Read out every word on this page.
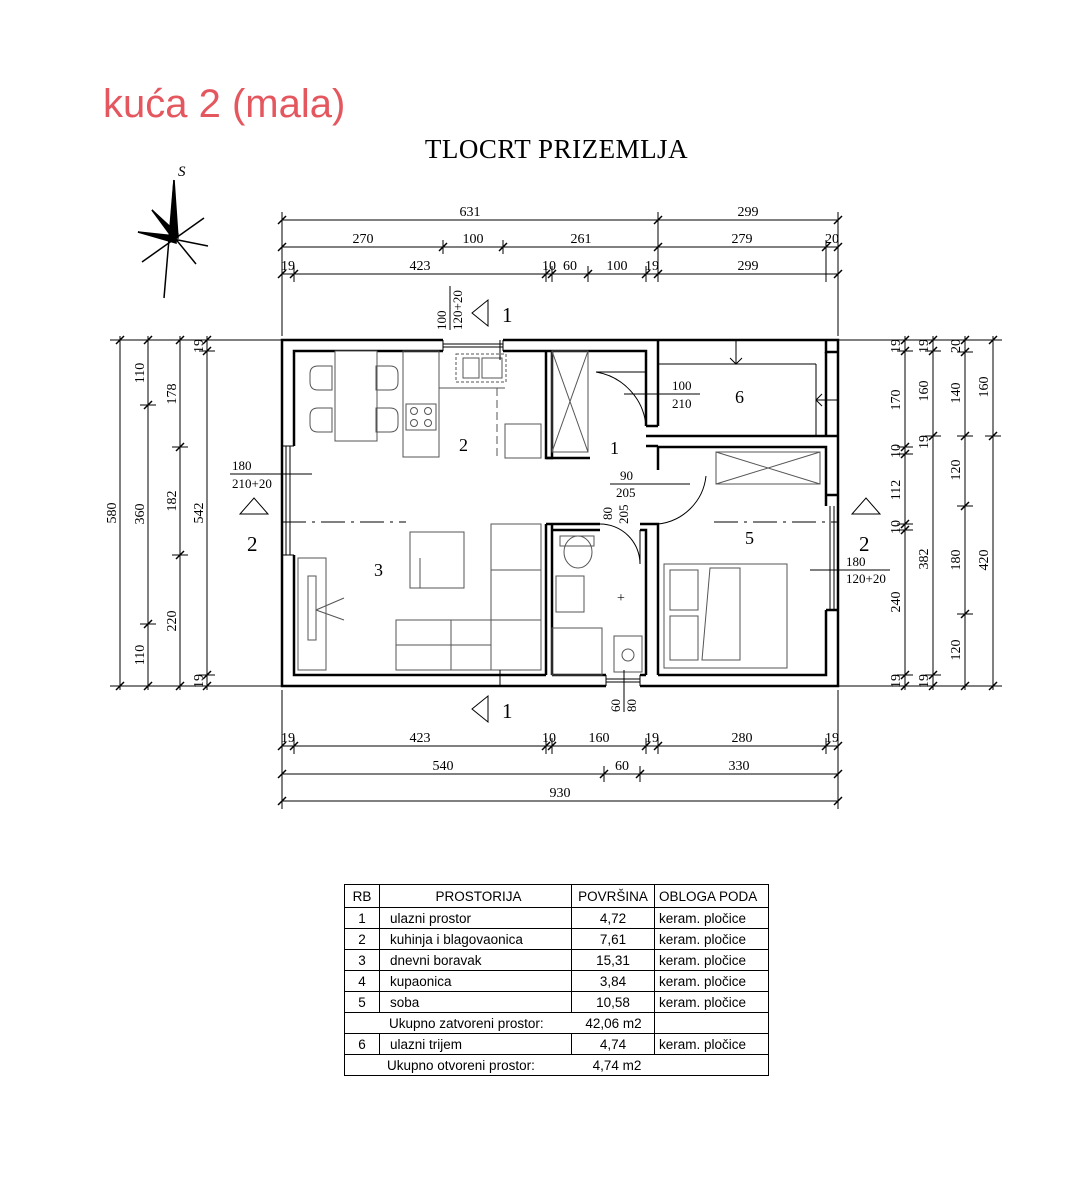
kuća 2 (mala)
TLOCRT PRIZEMLJA
S
631	299
270	100	261	279	20
19	423	10 60 100 19	299
19	423	10 160	19	280	19
540	60	330
930
580
110
360
110
178
182
220
19
542
19
19
170
10
112
10
240
19
19
160
19
382
19
20
140
120
180
120
160
420
2	2
1
1
100 120+20
180
210+20
180
120+20
100
210
90
205
80 205
60 80
1
2
3
5
6
+
RB	PROSTORIJA	POVRŠINA	OBLOGA PODA
1	ulazni prostor	4,72	keram. pločice
2	kuhinja i blagovaonica	7,61	keram. pločice
3	dnevni boravak	15,31	keram. pločice
4	kupaonica	3,84	keram. pločice
5	soba	10,58	keram. pločice
Ukupno zatvoreni prostor: 42,06 m2			
6	ulazni trijem	4,74	keram. pločice
Ukupno otvoreni prostor: 4,74 m2			
